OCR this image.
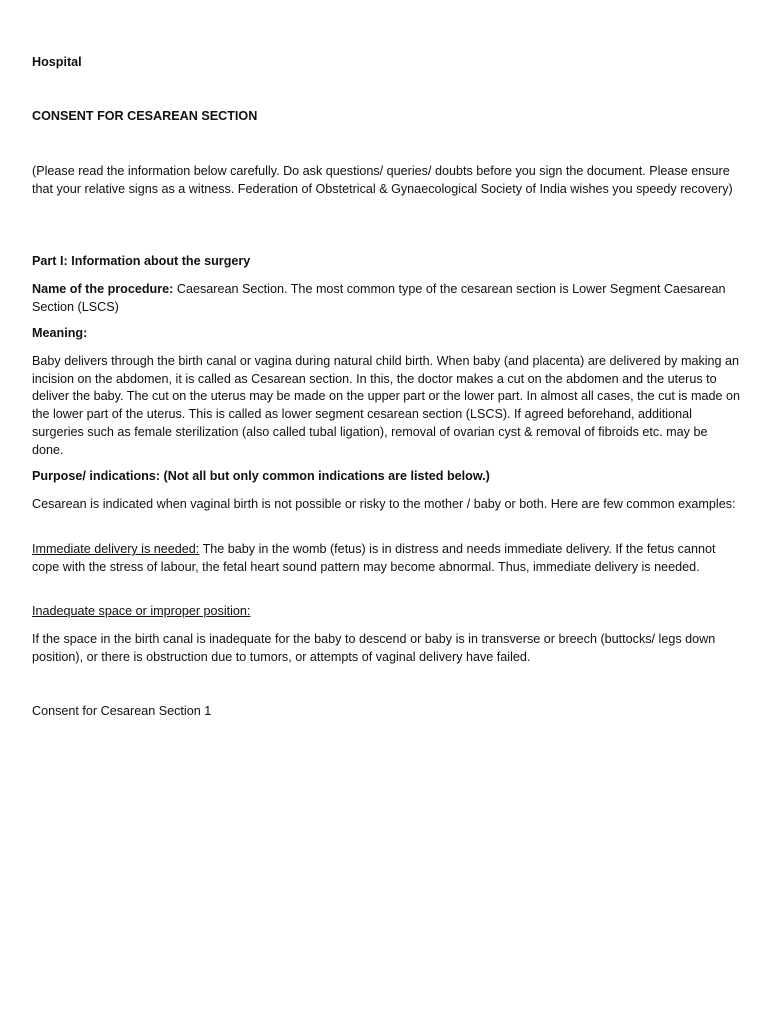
Hospital

CONSENT FOR CESAREAN SECTION

(Please read the information below carefully. Do ask questions/ queries/ doubts before you sign the document. Please ensure that your relative signs as a witness. Federation of Obstetrical & Gynaecological Society of India wishes you speedy recovery)

Part I: Information about the surgery

Name of the procedure: Caesarean Section. The most common type of the cesarean section is Lower Segment Caesarean Section (LSCS)

Meaning:

Baby delivers through the birth canal or vagina during natural child birth. When baby (and placenta) are delivered by making an incision on the abdomen, it is called as Cesarean section. In this, the doctor makes a cut on the abdomen and the uterus to deliver the baby. The cut on the uterus may be made on the upper part or the lower part. In almost all cases, the cut is made on the lower part of the uterus. This is called as lower segment cesarean section (LSCS). If agreed beforehand, additional surgeries such as female sterilization (also called tubal ligation), removal of ovarian cyst & removal of fibroids etc. may be done.

Purpose/ indications: (Not all but only common indications are listed below.)

Cesarean is indicated when vaginal birth is not possible or risky to the mother / baby or both. Here are few common examples:

Immediate delivery is needed: The baby in the womb (fetus) is in distress and needs immediate delivery. If the fetus cannot cope with the stress of labour, the fetal heart sound pattern may become abnormal. Thus, immediate delivery is needed.

Inadequate space or improper position:

If the space in the birth canal is inadequate for the baby to descend or baby is in transverse or breech (buttocks/ legs down position), or there is obstruction due to tumors, or attempts of vaginal delivery have failed.

Consent for Cesarean Section 1
